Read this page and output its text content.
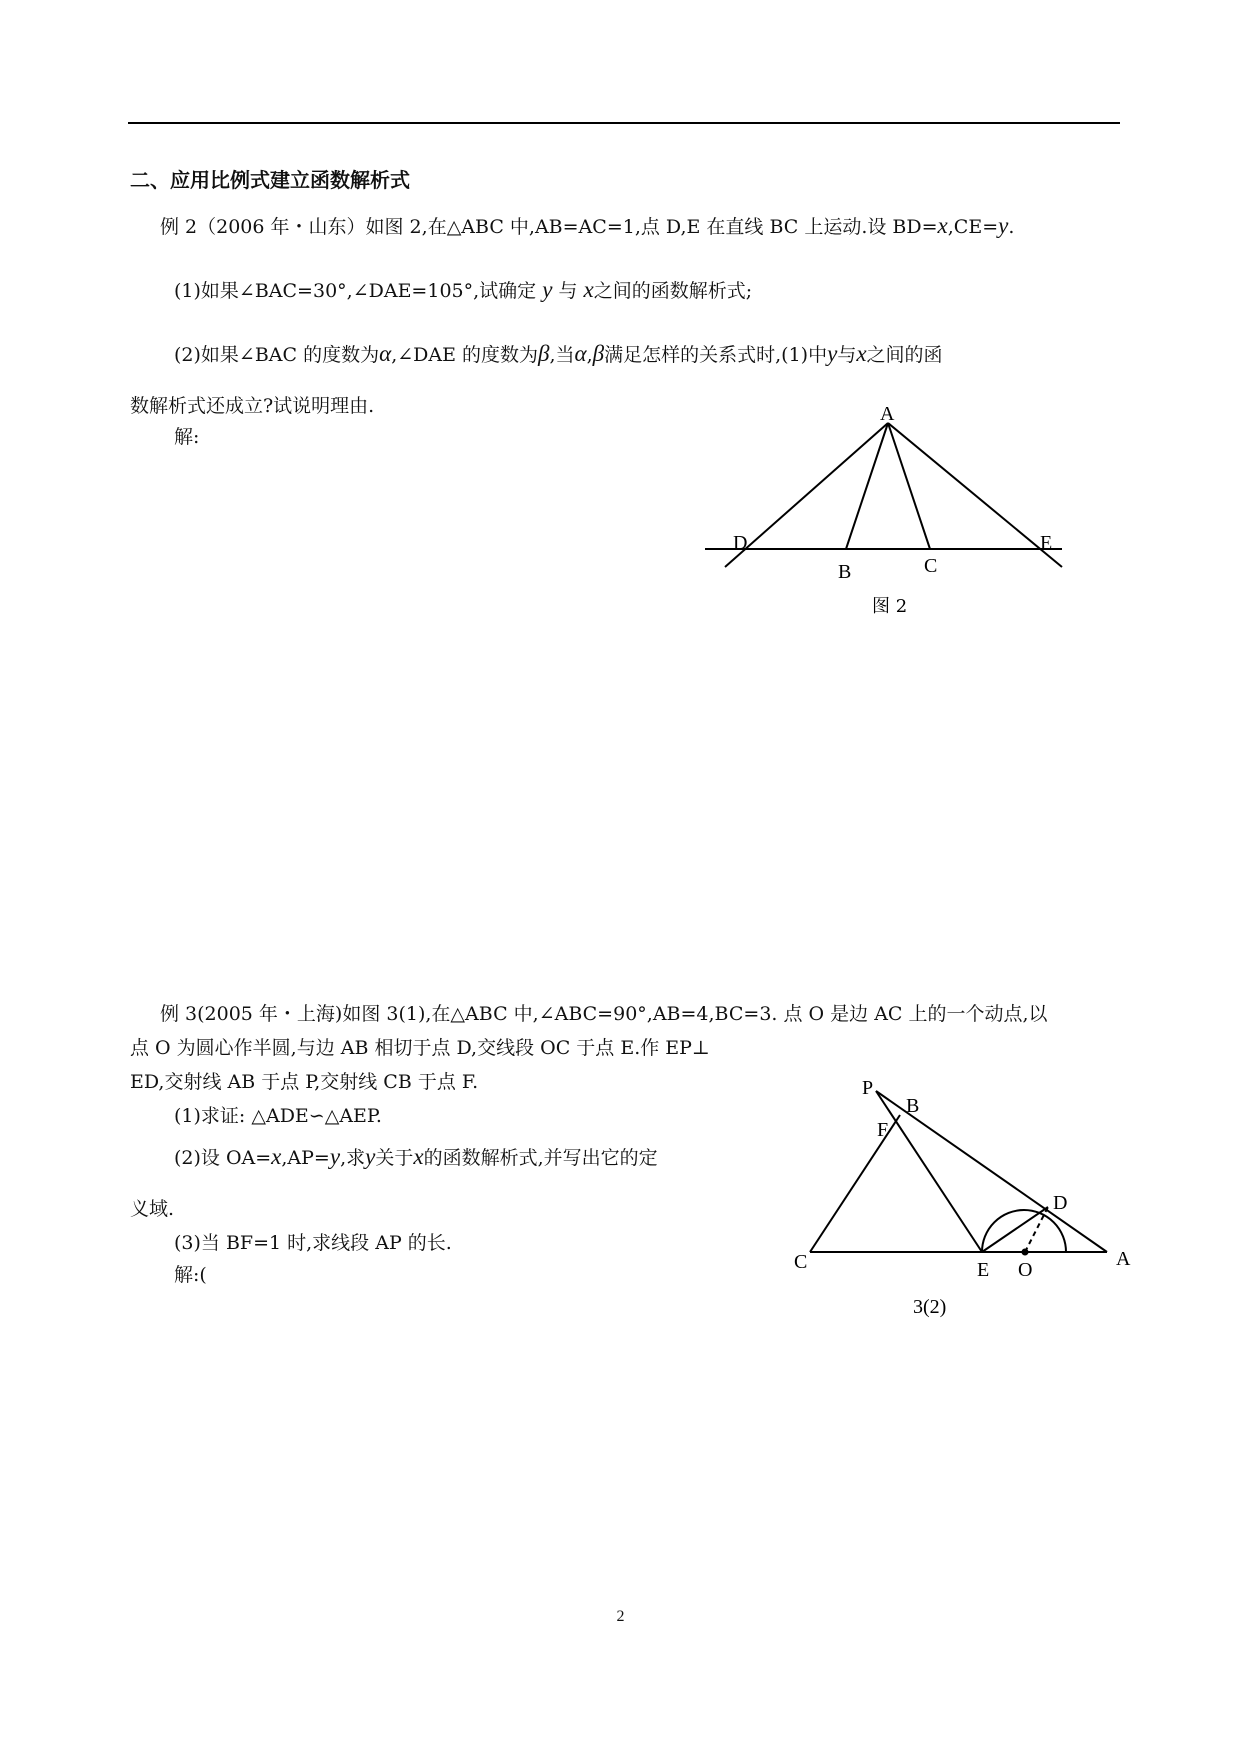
二、应用比例式建立函数解析式
例 2（2006 年・山东）如图 2,在△ABC 中,AB=AC=1,点 D,E 在直线 BC 上运动.设 BD=x,CE=y.
(1)如果∠BAC=30°,∠DAE=105°,试确定 y 与 x之间的函数解析式;
(2)如果∠BAC 的度数为α,∠DAE 的度数为β,当α,β满足怎样的关系式时,(1)中y与x之间的函
数解析式还成立?试说明理由.
解:
A
D	E
B	C
图 2
例 3(2005 年・上海)如图 3(1),在△ABC 中,∠ABC=90°,AB=4,BC=3. 点 O 是边 AC 上的一个动点,以
点 O 为圆心作半圆,与边 AB 相切于点 D,交线段 OC 于点 E.作 EP⊥
ED,交射线 AB 于点 P,交射线 CB 于点 F.
(1)求证: △ADE∽△AEP.
(2)设 OA=x,AP=y,求y关于x的函数解析式,并写出它的定
义域.
(3)当 BF=1 时,求线段 AP 的长.
解:(
P
B
F
D
C	E O	A
3(2)
2
